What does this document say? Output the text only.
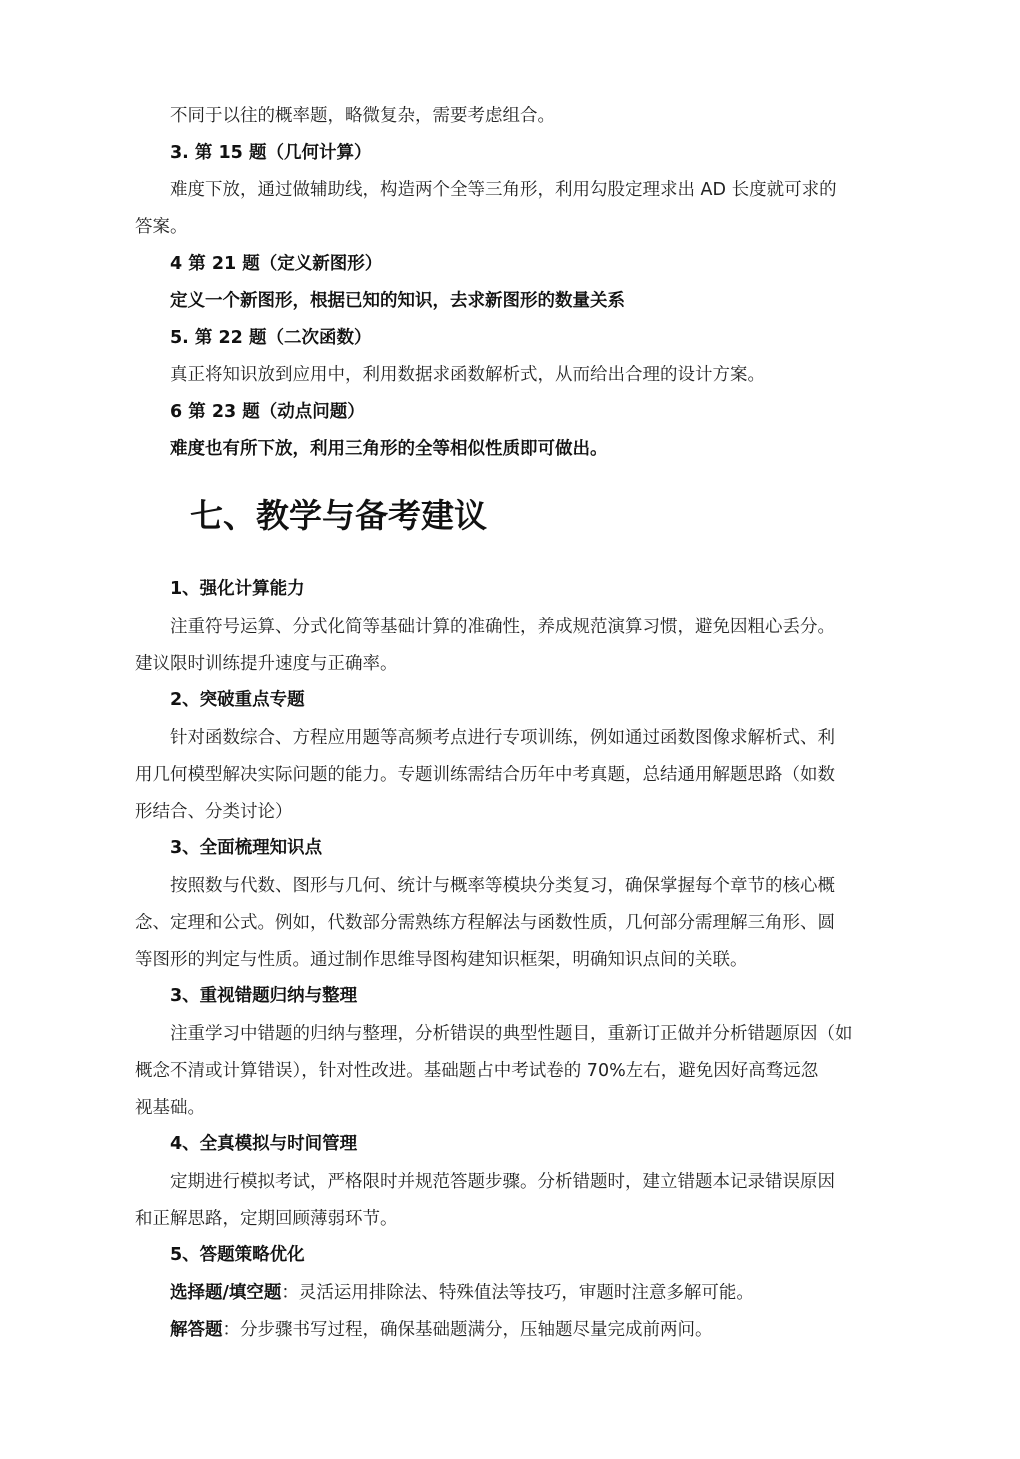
不同于以往的概率题，略微复杂，需要考虑组合。
3. 第 15 题（几何计算）
难度下放，通过做辅助线，构造两个全等三角形，利用勾股定理求出 AD 长度就可求的
答案。
4 第 21 题（定义新图形）
定义一个新图形，根据已知的知识，去求新图形的数量关系
5. 第 22 题（二次函数）
真正将知识放到应用中，利用数据求函数解析式，从而给出合理的设计方案。
6 第 23 题（动点问题）
难度也有所下放，利用三角形的全等相似性质即可做出。
七、教学与备考建议
1、强化计算能力
注重符号运算、分式化简等基础计算的准确性，养成规范演算习惯，避免因粗心丢分。
建议限时训练提升速度与正确率。
2、突破重点专题
针对函数综合、方程应用题等高频考点进行专项训练，例如通过函数图像求解析式、利
用几何模型解决实际问题的能力。专题训练需结合历年中考真题，总结通用解题思路（如数
形结合、分类讨论）
3、全面梳理知识点
按照数与代数、图形与几何、统计与概率等模块分类复习，确保掌握每个章节的核心概
念、定理和公式。例如，代数部分需熟练方程解法与函数性质，几何部分需理解三角形、圆
等图形的判定与性质。通过制作思维导图构建知识框架，明确知识点间的关联。
3、重视错题归纳与整理
注重学习中错题的归纳与整理，分析错误的典型性题目，重新订正做并分析错题原因（如
概念不清或计算错误），针对性改进。基础题占中考试卷的 70%左右，避免因好高骛远忽
视基础。
4、全真模拟与时间管理
定期进行模拟考试，严格限时并规范答题步骤。分析错题时，建立错题本记录错误原因
和正解思路，定期回顾薄弱环节。
5、答题策略优化
选择题/填空题：灵活运用排除法、特殊值法等技巧，审题时注意多解可能。
解答题：分步骤书写过程，确保基础题满分，压轴题尽量完成前两问。
